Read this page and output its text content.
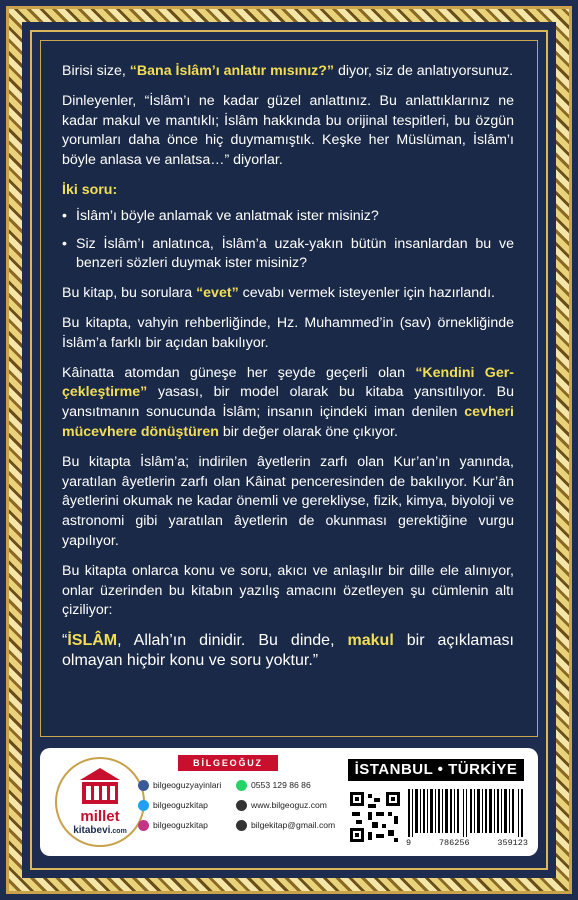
Birisi size, “Bana İslâm’ı anlatır mısınız?” diyor, siz de anlatıyorsunuz.

Dinleyenler, “İslâm’ı ne kadar güzel anlattınız. Bu anlattıklarınız ne kadar makul ve mantıklı; İslâm hakkında bu orijinal tespitleri, bu özgün yorumları daha önce hiç duymamıştık. Keşke her Müslüman, İslâm’ı böyle anlasa ve anlatsa…” diyorlar.

İki soru:

• İslâm’ı böyle anlamak ve anlatmak ister misiniz?
• Siz İslâm’ı anlatınca, İslâm’a uzak-yakın bütün insanlardan bu ve benzeri sözleri duymak ister misiniz?

Bu kitap, bu sorulara “evet” cevabı vermek isteyenler için hazırlandı.

Bu kitapta, vahyin rehberliğinde, Hz. Muhammed’in (sav) örnekliğinde İslâm’a farklı bir açıdan bakılıyor.

Kâinatta atomdan güneşe her şeyde geçerli olan “Kendini Gerçekleştirme” yasası, bir model olarak bu kitaba yansıtılıyor. Bu yansıtmanın sonucunda İslâm; insanın içindeki iman denilen cevheri mücevhere dönüştüren bir değer olarak öne çıkıyor.

Bu kitapta İslâm’a; indirilen âyetlerin zarfı olan Kur’an’ın yanında, yaratılan âyetlerin zarfı olan Kâinat penceresinden de bakılıyor. Kur’ân âyetlerini okumak ne kadar önemli ve gerekliyse, fizik, kimya, biyoloji ve astronomi gibi yaratılan âyetlerin de okunması gerektiğine vurgu yapılıyor.

Bu kitapta onlarca konu ve soru, akıcı ve anlaşılır bir dille ele alınıyor, onlar üzerinden bu kitabın yazılış amacını özetleyen şu cümlenin altı çiziliyor:

“İSLÂM, Allah’ın dinidir. Bu dinde, makul bir açıklaması olmayan hiçbir konu ve soru yoktur.”

millet
kitabevi.com
BİLGEOĞUZ
bilgeoguzyayinlari
bilgeoguzkitap
bilgeoguzkitap
0553 129 86 86
www.bilgeoguz.com
bilgekitap@gmail.com
İSTANBUL • TÜRKİYE
9	786256	359123
